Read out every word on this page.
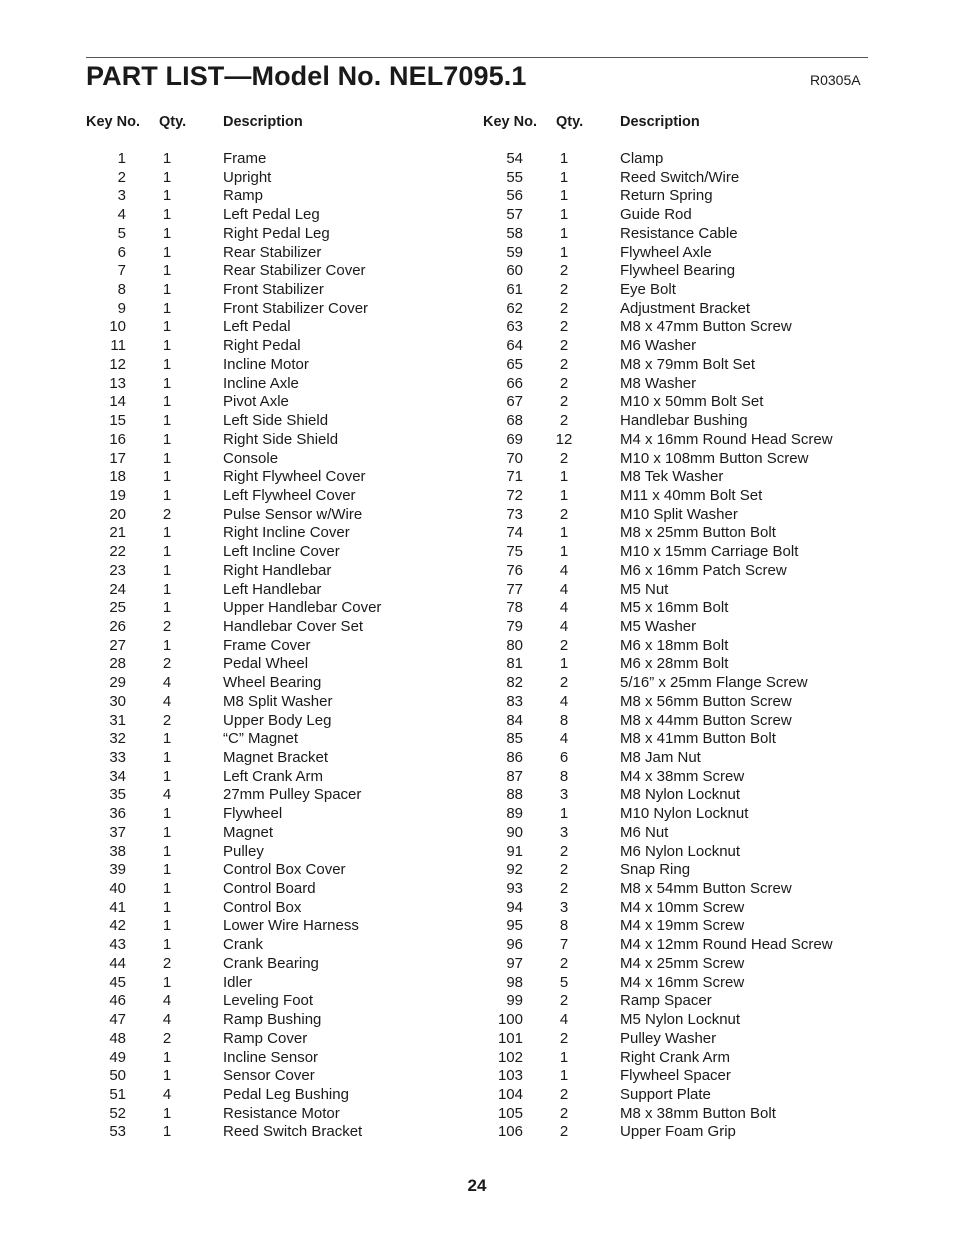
PART LIST—Model No. NEL7095.1	R0305A
Key No. Qty.	Description
1	1	Frame
2	1	Upright
3	1	Ramp
4	1	Left Pedal Leg
5	1	Right Pedal Leg
6	1	Rear Stabilizer
7	1	Rear Stabilizer Cover
8	1	Front Stabilizer
9	1	Front Stabilizer Cover
10	1	Left Pedal
11	1	Right Pedal
12	1	Incline Motor
13	1	Incline Axle
14	1	Pivot Axle
15	1	Left Side Shield
16	1	Right Side Shield
17	1	Console
18	1	Right Flywheel Cover
19	1	Left Flywheel Cover
20	2	Pulse Sensor w/Wire
21	1	Right Incline Cover
22	1	Left Incline Cover
23	1	Right Handlebar
24	1	Left Handlebar
25	1	Upper Handlebar Cover
26	2	Handlebar Cover Set
27	1	Frame Cover
28	2	Pedal Wheel
29	4	Wheel Bearing
30	4	M8 Split Washer
31	2	Upper Body Leg
32	1	“C” Magnet
33	1	Magnet Bracket
34	1	Left Crank Arm
35	4	27mm Pulley Spacer
36	1	Flywheel
37	1	Magnet
38	1	Pulley
39	1	Control Box Cover
40	1	Control Board
41	1	Control Box
42	1	Lower Wire Harness
43	1	Crank
44	2	Crank Bearing
45	1	Idler
46	4	Leveling Foot
47	4	Ramp Bushing
48	2	Ramp Cover
49	1	Incline Sensor
50	1	Sensor Cover
51	4	Pedal Leg Bushing
52	1	Resistance Motor
53	1	Reed Switch Bracket
Key No. Qty.	Description
54	1	Clamp
55	1	Reed Switch/Wire
56	1	Return Spring
57	1	Guide Rod
58	1	Resistance Cable
59	1	Flywheel Axle
60	2	Flywheel Bearing
61	2	Eye Bolt
62	2	Adjustment Bracket
63	2	M8 x 47mm Button Screw
64	2	M6 Washer
65	2	M8 x 79mm Bolt Set
66	2	M8 Washer
67	2	M10 x 50mm Bolt Set
68	2	Handlebar Bushing
69 12	M4 x 16mm Round Head Screw
70	2	M10 x 108mm Button Screw
71	1	M8 Tek Washer
72	1	M11 x 40mm Bolt Set
73	2	M10 Split Washer
74	1	M8 x 25mm Button Bolt
75	1	M10 x 15mm Carriage Bolt
76	4	M6 x 16mm Patch Screw
77	4	M5 Nut
78	4	M5 x 16mm Bolt
79	4	M5 Washer
80	2	M6 x 18mm Bolt
81	1	M6 x 28mm Bolt
82	2	5/16” x 25mm Flange Screw
83	4	M8 x 56mm Button Screw
84	8	M8 x 44mm Button Screw
85	4	M8 x 41mm Button Bolt
86	6	M8 Jam Nut
87	8	M4 x 38mm Screw
88	3	M8 Nylon Locknut
89	1	M10 Nylon Locknut
90	3	M6 Nut
91	2	M6 Nylon Locknut
92	2	Snap Ring
93	2	M8 x 54mm Button Screw
94	3	M4 x 10mm Screw
95	8	M4 x 19mm Screw
96	7	M4 x 12mm Round Head Screw
97	2	M4 x 25mm Screw
98	5	M4 x 16mm Screw
99	2	Ramp Spacer
100	4	M5 Nylon Locknut
101	2	Pulley Washer
102	1	Right Crank Arm
103	1	Flywheel Spacer
104	2	Support Plate
105	2	M8 x 38mm Button Bolt
106	2	Upper Foam Grip
24
